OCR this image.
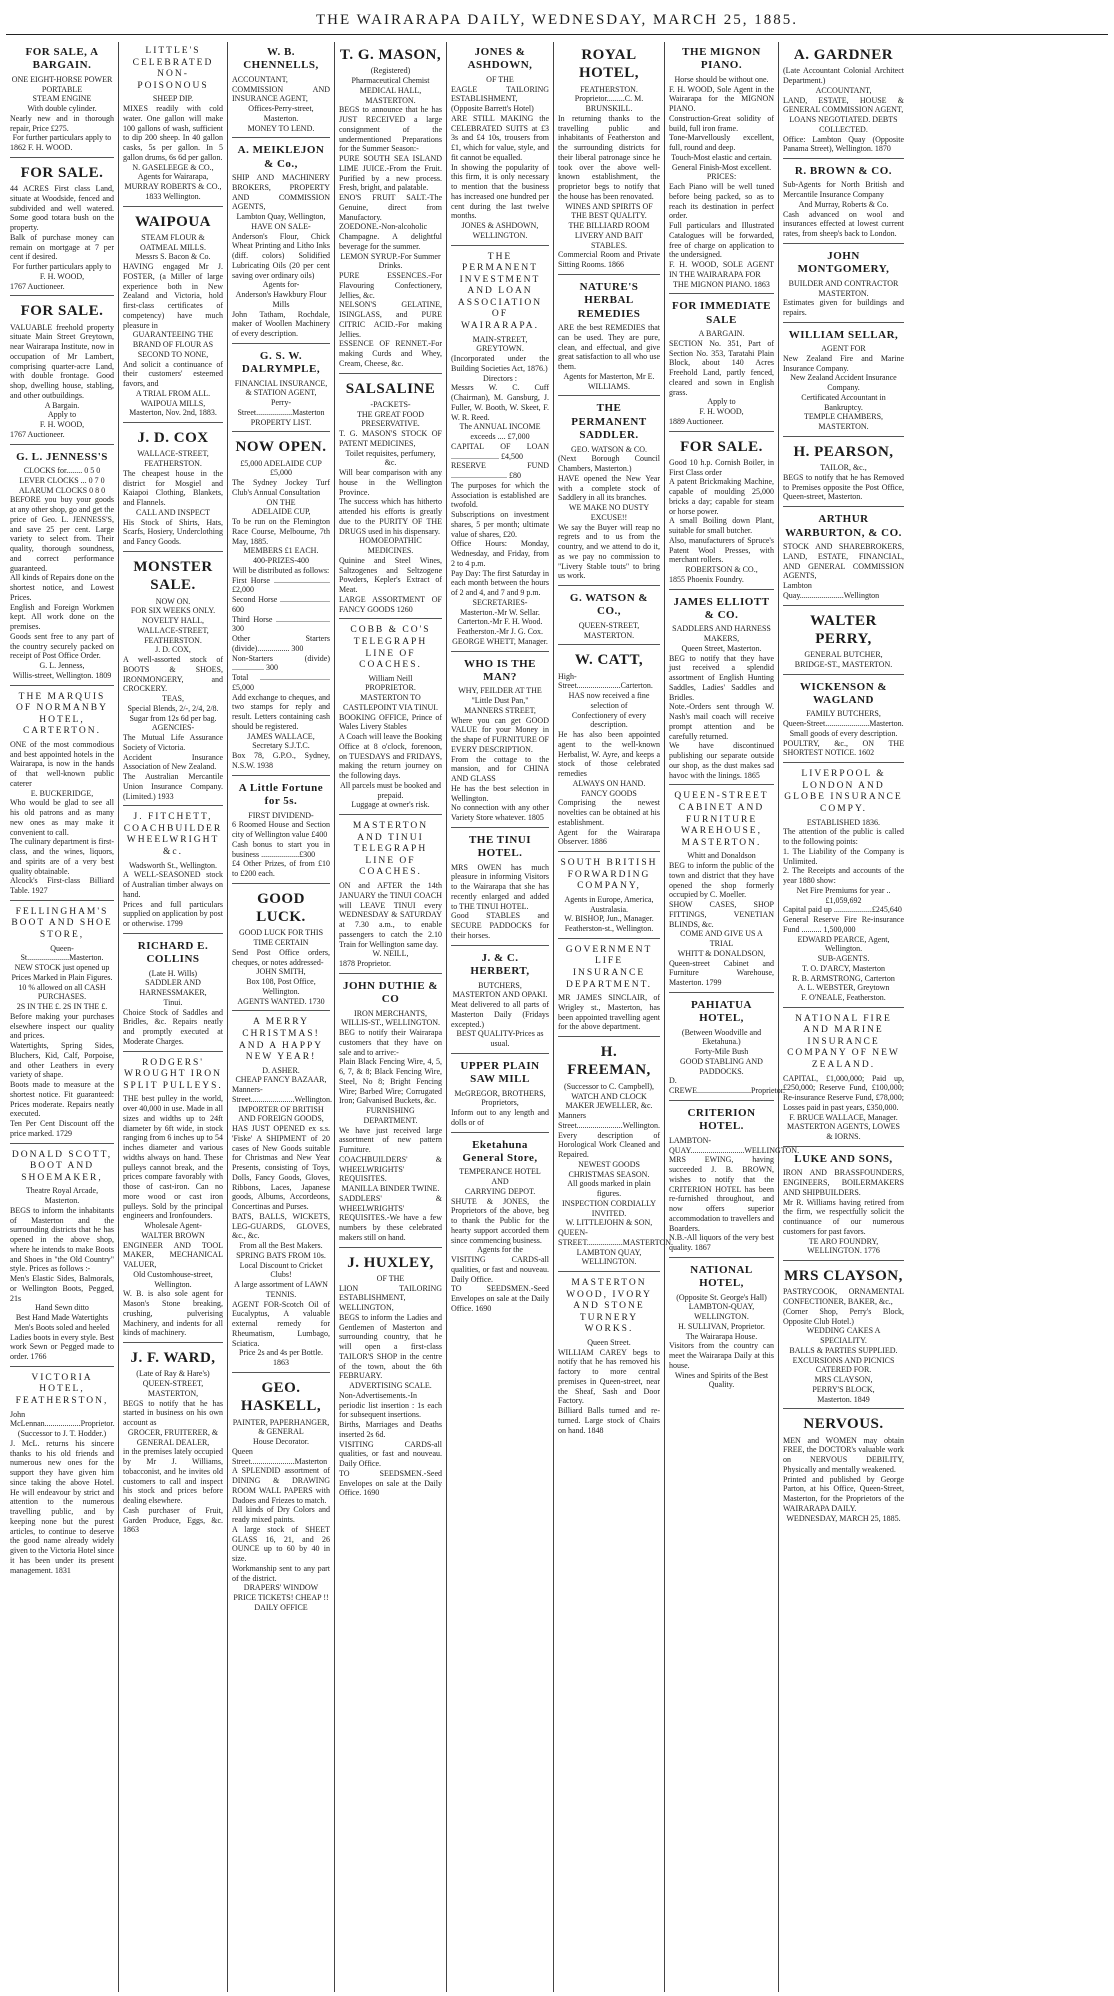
THE WAIRARAPA DAILY, WEDNESDAY, MARCH 25, 1885.
FOR SALE, A BARGAIN.
ONE EIGHT-HORSE POWER
PORTABLE
STEAM ENGINE
With double cylinder.
Nearly new and in thorough repair, Price £275.
For further particulars apply to
1862 F. H. WOOD.
FOR SALE.
44 ACRES First class Land, situate at Woodside, fenced and subdivided and well watered. Some good totara bush on the property.
Balk of purchase money can remain on mortgage at 7 per cent if desired.
For further particulars apply to
F. H. WOOD,
1767 Auctioneer.
FOR SALE.
VALUABLE freehold property situate Main Street Greytown, near Wairarapa Institute, now in occupation of Mr Lambert, comprising quarter-acre Land, with double frontage. Good shop, dwelling house, stabling, and other outbuildings.
A Bargain.
Apply to
F. H. WOOD,
1767 Auctioneer.
G. L. JENNESS'S
CLOCKS for........ 0 5 0
LEVER CLOCKS ... 0 7 0
ALARUM CLOCKS 0 8 0
BEFORE you buy your goods at any other shop, go and get the price of Geo. L. JENNESS'S, and save 25 per cent. Large variety to select from. Their quality, thorough soundness, and correct performance guaranteed.
All kinds of Repairs done on the shortest notice, and Lowest Prices.
English and Foreign Workmen kept. All work done on the premises.
Goods sent free to any part of the country securely packed on receipt of Post Office Order.
G. L. Jenness,
Willis-street, Wellington. 1809
THE MARQUIS OF NORMANBY HOTEL, CARTERTON.
ONE of the most commodious and best appointed hotels in the Wairarapa, is now in the hands of that well-known public caterer
E. BUCKERIDGE,
Who would be glad to see all his old patrons and as many new ones as may make it convenient to call.
The culinary department is first-class, and the wines, liquors, and spirits are of a very best quality obtainable.
Alcock's First-class Billiard Table. 1927
FELLINGHAM'S BOOT AND SHOE STORE,
Queen-St.....................Masterton.
NEW STOCK just opened up
Prices Marked in Plain Figures.
10 % allowed on all CASH PURCHASES.
2S IN THE £. 2S IN THE £.
Before making your purchases elsewhere inspect our quality and prices.
Watertights, Spring Sides, Bluchers, Kid, Calf, Porpoise, and other Leathers in every variety of shape.
Boots made to measure at the shortest notice. Fit guaranteed: Prices moderate. Repairs neatly executed.
Ten Per Cent Discount off the price marked. 1729
DONALD SCOTT, BOOT AND SHOEMAKER,
Theatre Royal Arcade,
Masterton.
BEGS to inform the inhabitants of Masterton and the surrounding districts that he has opened in the above shop, where he intends to make Boots and Shoes in "the Old Country" style. Prices as follows :-
Men's Elastic Sides, Balmorals, or Wellington Boots, Pegged, 21s
Hand Sewn ditto
Best Hand Made Watertights
Men's Boots soled and heeled
Ladies boots in every style. Best work Sewn or Pegged made to order. 1766
VICTORIA HOTEL, FEATHERSTON,
John McLennan..................Proprietor.
(Successor to J. T. Hodder.)
J. McL. returns his sincere thanks to his old friends and numerous new ones for the support they have given him since taking the above Hotel. He will endeavour by strict and attention to the numerous travelling public, and by keeping none but the purest articles, to continue to deserve the good name already widely given to the Victoria Hotel since it has been under its present management. 1831
LITTLE'S CELEBRATED NON-POISONOUS
SHEEP DIP.
MIXES readily with cold water. One gallon will make 100 gallons of wash, sufficient to dip 200 sheep. In 40 gallon casks, 5s per gallon. In 5 gallon drums, 6s 6d per gallon.
N. GASELEEGE & CO.,
Agents for Wairarapa,
MURRAY ROBERTS & CO.,
1833 Wellington.
WAIPOUA
STEAM FLOUR & OATMEAL MILLS.
Messrs S. Bacon & Co.
HAVING engaged Mr J. FOSTER, (a Miller of large experience both in New Zealand and Victoria, hold first-class certificates of competency) have much pleasure in
GUARANTEEING THE BRAND OF FLOUR AS
SECOND TO NONE,
And solicit a continuance of their customers' esteemed favors, and
A TRIAL FROM ALL.
WAIPOUA MILLS,
Masterton, Nov. 2nd, 1883.
J. D. COX
WALLACE-STREET,
FEATHERSTON.
The cheapest house in the district for Mosgiel and Kaiapoi Clothing, Blankets, and Flannels.
CALL AND INSPECT
His Stock of Shirts, Hats, Scarfs, Hosiery, Underclothing and Fancy Goods.
MONSTER SALE.
NOW ON.
FOR SIX WEEKS ONLY.
NOVELTY HALL,
WALLACE-STREET,
FEATHERSTON.
J. D. COX,
A well-assorted stock of BOOTS & SHOES, IRONMONGERY, and CROCKERY.
TEAS,
Special Blends, 2/-, 2/4, 2/8.
Sugar from 12s 6d per bag.
AGENCIES-
The Mutual Life Assurance Society of Victoria.
Accident Insurance Association of New Zealand.
The Australian Mercantile Union Insurance Company. (Limited.) 1933
J. FITCHETT, COACHBUILDER WHEELWRIGHT &c.
Wadsworth St., Wellington.
A WELL-SEASONED stock of Australian timber always on hand.
Prices and full particulars supplied on application by post or otherwise. 1799
RICHARD E. COLLINS
(Late H. Wills)
SADDLER AND HARNESSMAKER,
Tinui.
Choice Stock of Saddles and Bridles, &c. Repairs neatly and promptly executed at Moderate Charges.
RODGERS' WROUGHT IRON SPLIT PULLEYS.
THE best pulley in the world, over 40,000 in use. Made in all sizes and widths up to 24ft diameter by 6ft wide, in stock ranging from 6 inches up to 54 inches diameter and various widths always on hand. These pulleys cannot break, and the prices compare favorably with those of cast-iron. Can no more wood or cast iron pulleys. Sold by the principal engineers and Ironfounders.
Wholesale Agent-
WALTER BROWN
ENGINEER AND TOOL MAKER, MECHANICAL VALUER,
Old Customhouse-street, Wellington.
W. B. is also sole agent for Mason's Stone breaking, crushing, pulverising Machinery, and indents for all kinds of machinery.
J. F. WARD,
(Late of Ray & Hare's)
QUEEN-STREET, MASTERTON,
BEGS to notify that he has started in business on his own account as
GROCER, FRUITERER, & GENERAL DEALER,
in the premises lately occupied by Mr J. Williams, tobacconist, and he invites old customers to call and inspect his stock and prices before dealing elsewhere.
Cash purchaser of Fruit, Garden Produce, Eggs, &c. 1863
W. B. CHENNELLS,
ACCOUNTANT, COMMISSION AND INSURANCE AGENT,
Offices-Perry-street, Masterton.
MONEY TO LEND.
A. MEIKLEJON & Co.,
SHIP AND MACHINERY BROKERS, PROPERTY AND COMMISSION AGENTS,
Lambton Quay, Wellington,
HAVE ON SALE-
Anderson's Flour, Chick Wheat Printing and Litho Inks (diff. colors) Solidified Lubricating Oils (20 per cent saving over ordinary oils)
Agents for-
Anderson's Hawkbury Flour Mills
John Tatham, Rochdale, maker of Woollen Machinery of every description.
G. S. W. DALRYMPLE,
FINANCIAL INSURANCE, & STATION AGENT,
Perry-Street..................Masterton
PROPERTY LIST.
NOW OPEN.
£5,000 ADELAIDE CUP £5,000
The Sydney Jockey Turf Club's Annual Consultation
ON THE
ADELAIDE CUP,
To be run on the Flemington Race Course, Melbourne, 7th May, 1885.
MEMBERS £1 EACH.
400-PRIZES-400
Will be distributed as follows:
First Horse ............................ £2,000
Second Horse ......................... 600
Third Horse ........................... 300
Other Starters (divide)................ 300
Non-Starters (divide) ................ 300
Total ................................... £5,000
Add exchange to cheques, and two stamps for reply and result. Letters containing cash should be registered.
JAMES WALLACE, Secretary S.J.T.C.
Box 78, G.P.O., Sydney, N.S.W. 1938
A Little Fortune for 5s.
FIRST DIVIDEND-
6 Roomed House and Section city of Wellington value £400
Cash bonus to start you in business ...................£300
£4 Other Prizes, of from £10 to £200 each.
GOOD LUCK.
GOOD LUCK FOR THIS TIME CERTAIN
Send Post Office orders, cheques, or notes addressed-
JOHN SMITH,
Box 108, Post Office, Wellington.
AGENTS WANTED. 1730
A MERRY CHRISTMAS! AND A HAPPY NEW YEAR!
D. ASHER.
CHEAP FANCY BAZAAR,
Manners-Street......................Wellington.
IMPORTER OF BRITISH AND FOREIGN GOODS,
HAS JUST OPENED ex s.s. 'Fiske' A SHIPMENT of 20 cases of New Goods suitable for Christmas and New Year Presents, consisting of Toys, Dolls, Fancy Goods, Gloves, Ribbons, Laces, Japanese goods, Albums, Accordeons, Concertinas and Purses.
BATS, BALLS, WICKETS, LEG-GUARDS, GLOVES, &c., &c.
From all the Best Makers.
SPRING BATS FROM 10s.
Local Discount to Cricket Clubs!
A large assortment of LAWN TENNIS.
AGENT FOR-Scotch Oil of Eucalyptus, A valuable external remedy for Rheumatism, Lumbago, Sciatica.
Price 2s and 4s per Bottle. 1863
GEO. HASKELL,
PAINTER, PAPERHANGER, & GENERAL
House Decorator.
Queen Street......................Masterton
A SPLENDID assortment of DINING & DRAWING ROOM WALL PAPERS with Dadoes and Friezes to match.
All kinds of Dry Colors and ready mixed paints.
A large stock of SHEET GLASS 16, 21, and 26 OUNCE up to 60 by 40 in size.
Workmanship sent to any part of the district.
DRAPERS' WINDOW PRICE TICKETS! CHEAP !!
DAILY OFFICE
T. G. MASON,
(Registered)
Pharmaceutical Chemist
MEDICAL HALL, MASTERTON.
BEGS to announce that he has JUST RECEIVED a large consignment of the undermentioned Preparations for the Summer Season:-
PURE SOUTH SEA ISLAND LIME JUICE.-From the Fruit. Purified by a new process. Fresh, bright, and palatable.
ENO'S FRUIT SALT.-The Genuine, direct from Manufactory.
ZOEDONE.-Non-alcoholic Champagne. A delightful beverage for the summer.
LEMON SYRUP.-For Summer Drinks.
PURE ESSENCES.-For Flavouring Confectionery, Jellies, &c.
NELSON'S GELATINE, ISINGLASS, and PURE CITRIC ACID.-For making Jellies.
ESSENCE OF RENNET.-For making Curds and Whey, Cream, Cheese, &c.
SALSALINE
-PACKETS-
THE GREAT FOOD PRESERVATIVE.
T. G. MASON'S STOCK OF PATENT MEDICINES,
Toilet requisites, perfumery, &c.
Will bear comparison with any house in the Wellington Province.
The success which has hitherto attended his efforts is greatly due to the PURITY OF THE DRUGS used in his dispensary.
HOMOEOPATHIC MEDICINES.
Quinine and Steel Wines, Saltzogenes and Seltzogene Powders, Kepler's Extract of Meat.
LARGE ASSORTMENT OF FANCY GOODS 1260
COBB & CO'S TELEGRAPH LINE OF COACHES.
William Neill
PROPRIETOR.
MASTERTON TO CASTLEPOINT VIA TINUI.
BOOKING OFFICE, Prince of Wales Livery Stables
A Coach will leave the Booking Office at 8 o'clock, forenoon, on TUESDAYS and FRIDAYS, making the return journey on the following days.
All parcels must be booked and prepaid.
Luggage at owner's risk.
MASTERTON AND TINUI TELEGRAPH LINE OF COACHES.
ON and AFTER the 14th JANUARY the TINUI COACH will LEAVE TINUI every WEDNESDAY & SATURDAY at 7.30 a.m., to enable passengers to catch the 2.10 Train for Wellington same day.
W. NEILL,
1878 Proprietor.
JOHN DUTHIE & CO
IRON MERCHANTS,
WILLIS-ST., WELLINGTON.
BEG to notify their Wairarapa customers that they have on sale and to arrive:-
Plain Black Fencing Wire, 4, 5, 6, 7, & 8; Black Fencing Wire, Steel, No 8; Bright Fencing Wire; Barbed Wire; Corrugated Iron; Galvanised Buckets, &c.
FURNISHING DEPARTMENT.
We have just received large assortment of new pattern Furniture.
COACHBUILDERS' & WHEELWRIGHTS' REQUISITES.
MANILLA BINDER TWINE.
SADDLERS' & WHEELWRIGHTS' REQUISITES.-We have a few numbers by these celebrated makers still on hand.
J. HUXLEY,
OF THE
LION TAILORING ESTABLISHMENT, WELLINGTON,
BEGS to inform the Ladies and Gentlemen of Masterton and surrounding country, that he will open a first-class TAILOR'S SHOP in the centre of the town, about the 6th FEBRUARY.
ADVERTISING SCALE.
Non-Advertisements.-In periodic list insertion : 1s each for subsequent insertions.
Births, Marriages and Deaths inserted 2s 6d.
VISITING CARDS-all qualities, or fast and nouveau. Daily Office.
TO SEEDSMEN.-Seed Envelopes on sale at the Daily Office. 1690
JONES & ASHDOWN,
OF THE
EAGLE TAILORING ESTABLISHMENT, (Opposite Barrett's Hotel)
ARE STILL MAKING the CELEBRATED SUITS at £3 3s and £4 10s, trousers from £1, which for value, style, and fit cannot be equalled.
In showing the popularity of this firm, it is only necessary to mention that the business has increased one hundred per cent during the last twelve months.
JONES & ASHDOWN, WELLINGTON.
THE PERMANENT INVESTMENT AND LOAN ASSOCIATION OF WAIRARAPA.
MAIN-STREET, GREYTOWN.
(Incorporated under the Building Societies Act, 1876.)
Directors :
Messrs W. C. Cuff (Chairman), M. Gansburg, J. Fuller, W. Booth, W. Skeet, F. W. R. Reed.
The ANNUAL INCOME exceeds .... £7,000
CAPITAL OF LOAN ........................ £4,500
RESERVE FUND ............................ £80
The purposes for which the Association is established are twofold.
Subscriptions on investment shares, 5 per month; ultimate value of shares, £20.
Office Hours: Monday, Wednesday, and Friday, from 2 to 4 p.m.
Pay Day: The first Saturday in each month between the hours of 2 and 4, and 7 and 9 p.m.
SECRETARIES-
Masterton.-Mr W. Sellar.
Carterton.-Mr F. H. Wood.
Featherston.-Mr J. G. Cox.
GEORGE WHETT, Manager.
WHO IS THE MAN?
WHY, FEILDER AT THE
"Little Dust Pan,"
MANNERS STREET,
Where you can get GOOD VALUE for your Money in the shape of FURNITURE OF EVERY DESCRIPTION.
From the cottage to the mansion, and for CHINA AND GLASS
He has the best selection in Wellington.
No connection with any other Variety Store whatever. 1805
THE TINUI HOTEL.
MRS OWEN has much pleasure in informing Visitors to the Wairarapa that she has recently enlarged and added to THE TINUI HOTEL.
Good STABLES and SECURE PADDOCKS for their horses.
J. & C. HERBERT,
BUTCHERS,
MASTERTON AND OPAKI.
Meat delivered to all parts of Masterton Daily (Fridays excepted.)
BEST QUALITY-Prices as usual.
UPPER PLAIN SAW MILL
McGREGOR, BROTHERS,
Proprietors,
Inform out to any length and dolls or of
Eketahuna General Store,
TEMPERANCE HOTEL
AND
CARRYING DEPOT.
SHUTE & JONES, the Proprietors of the above, beg to thank the Public for the hearty support accorded them since commencing business.
Agents for the
VISITING CARDS-all qualities, or fast and nouveau. Daily Office.
TO SEEDSMEN.-Seed Envelopes on sale at the Daily Office. 1690
ROYAL HOTEL,
FEATHERSTON.
Proprietor.........C. M. BRUNSKILL.
In returning thanks to the travelling public and inhabitants of Featherston and the surrounding districts for their liberal patronage since he took over the above well-known establishment, the proprietor begs to notify that the house has been renovated.
WINES AND SPIRITS OF THE BEST QUALITY.
THE BILLIARD ROOM
LIVERY AND BAIT STABLES.
Commercial Room and Private Sitting Rooms. 1866
NATURE'S HERBAL REMEDIES
ARE the best REMEDIES that can be used. They are pure, clean, and effectual, and give great satisfaction to all who use them.
Agents for Masterton, Mr E. WILLIAMS.
THE PERMANENT SADDLER.
GEO. WATSON & CO.
(Next Borough Council Chambers, Masterton.)
HAVE opened the New Year with a complete stock of Saddlery in all its branches.
WE MAKE NO DUSTY EXCUSE!!
We say the Buyer will reap no regrets and to us from the country, and we attend to do it, as we pay no commission to "Livery Stable touts" to bring us work.
G. WATSON & CO.,
QUEEN-STREET,
MASTERTON.
W. CATT,
High-Street......................Carterton.
HAS now received a fine selection of
Confectionery of every description.
He has also been appointed agent to the well-known Herbalist, W. Ayre, and keeps a stock of those celebrated remedies
ALWAYS ON HAND.
FANCY GOODS
Comprising the newest novelties can be obtained at his establishment.
Agent for the Wairarapa Observer. 1886
SOUTH BRITISH FORWARDING COMPANY,
Agents in Europe, America, Australasia.
W. BISHOP, Jun., Manager.
Featherston-st., Wellington.
GOVERNMENT LIFE INSURANCE DEPARTMENT.
MR JAMES SINCLAIR, of Wrigley st., Masterton, has been appointed travelling agent for the above department.
H. FREEMAN,
(Successor to C. Campbell),
WATCH AND CLOCK MAKER JEWELLER, &c.
Manners Street.......................Wellington.
Every description of Horological Work Cleaned and Repaired.
NEWEST GOODS
CHRISTMAS SEASON.
All goods marked in plain figures.
INSPECTION CORDIALLY INVITED.
W. LITTLEJOHN & SON,
QUEEN-STREET..................MASTERTON.
LAMBTON QUAY, WELLINGTON.
MASTERTON WOOD, IVORY AND STONE TURNERY WORKS.
Queen Street.
WILLIAM CAREY begs to notify that he has removed his factory to more central premises in Queen-street, near the Sheaf, Sash and Door Factory.
Billiard Balls turned and re-turned. Large stock of Chairs on hand. 1848
THE MIGNON PIANO.
Horse should be without one.
F. H. WOOD, Sole Agent in the Wairarapa for the MIGNON PIANO.
Construction-Great solidity of build, full iron frame.
Tone-Marvellously excellent, full, round and deep.
Touch-Most elastic and certain.
General Finish-Most excellent.
PRICES:
Each Piano will be well tuned before being packed, so as to reach its destination in perfect order.
Full particulars and Illustrated Catalogues will be forwarded, free of charge on application to the undersigned.
F. H. WOOD, SOLE AGENT IN THE WAIRARAPA FOR
THE MIGNON PIANO. 1863
FOR IMMEDIATE SALE
A BARGAIN.
SECTION No. 351, Part of Section No. 353, Taratahi Plain Block, about 140 Acres Freehold Land, partly fenced, cleared and sown in English grass.
Apply to
F. H. WOOD,
1889 Auctioneer.
FOR SALE.
Good 10 h.p. Cornish Boiler, in First Class order
A patent Brickmaking Machine, capable of moulding 25,000 bricks a day; capable for steam or horse power.
A small Boiling down Plant, suitable for small butcher.
Also, manufacturers of Spruce's Patent Wool Presses, with merchant rollers.
ROBERTSON & CO.,
1855 Phoenix Foundry.
JAMES ELLIOTT & CO.
SADDLERS AND HARNESS MAKERS,
Queen Street, Masterton.
BEG to notify that they have just received a splendid assortment of English Hunting Saddles, Ladies' Saddles and Bridles.
Note.-Orders sent through W. Nash's mail coach will receive prompt attention and be carefully returned.
We have discontinued publishing our separate outside our shop, as the dust makes sad havoc with the linings. 1865
QUEEN-STREET CABINET AND FURNITURE WAREHOUSE, MASTERTON.
Whitt and Donaldson
BEG to inform the public of the town and district that they have opened the shop formerly occupied by C. Moeller.
SHOW CASES, SHOP FITTINGS, VENETIAN BLINDS, &c.
COME AND GIVE US A TRIAL
WHITT & DONALDSON,
Queen-street Cabinet and Furniture Warehouse, Masterton. 1799
PAHIATUA HOTEL,
(Between Woodville and Eketahuna.)
Forty-Mile Bush
GOOD STABLING AND PADDOCKS.
D. CREWE...........................Proprietor.
CRITERION HOTEL.
LAMBTON-QUAY...........................WELLINGTON.
MRS EWING, having succeeded J. B. BROWN, wishes to notify that the CRITERION HOTEL has been re-furnished throughout, and now offers superior accommodation to travellers and Boarders.
N.B.-All liquors of the very best quality. 1867
NATIONAL HOTEL,
(Opposite St. George's Hall)
LAMBTON-QUAY, WELLINGTON.
H. SULLIVAN, Proprietor.
The Wairarapa House.
Visitors from the country can meet the Wairarapa Daily at this house.
Wines and Spirits of the Best Quality.
A. GARDNER
(Late Accountant Colonial Architect Department.)
ACCOUNTANT,
LAND, ESTATE, HOUSE & GENERAL COMMISSION AGENT,
LOANS NEGOTIATED. DEBTS COLLECTED.
Office: Lambton Quay (Opposite Panama Street), Wellington. 1870
R. BROWN & CO.
Sub-Agents for North British and Mercantile Insurance Company
And Murray, Roberts & Co.
Cash advanced on wool and insurances effected at lowest current rates, from sheep's back to London.
JOHN MONTGOMERY,
BUILDER AND CONTRACTOR
MASTERTON.
Estimates given for buildings and repairs.
WILLIAM SELLAR,
AGENT FOR
New Zealand Fire and Marine Insurance Company.
New Zealand Accident Insurance Company.
Certificated Accountant in Bankruptcy.
TEMPLE CHAMBERS, MASTERTON.
H. PEARSON,
TAILOR, &c.,
BEGS to notify that he has Removed to Premises opposite the Post Office, Queen-street, Masterton.
ARTHUR WARBURTON, & CO.
STOCK AND SHAREBROKERS, LAND, ESTATE, FINANCIAL, AND GENERAL COMMISSION AGENTS,
Lambton Quay......................Wellington
WALTER PERRY,
GENERAL BUTCHER,
BRIDGE-ST., MASTERTON.
WICKENSON & WAGLAND
FAMILY BUTCHERS,
Queen-Street......................Masterton.
Small goods of every description.
POULTRY, &c., ON THE SHORTEST NOTICE. 1602
LIVERPOOL & LONDON AND GLOBE INSURANCE COMPY.
ESTABLISHED 1836.
The attention of the public is called to the following points:
1. The Liability of the Company is Unlimited.
2. The Receipts and accounts of the year 1880 show:
Net Fire Premiums for year ..£1,059,692
Capital paid up ...................£245,640
General Reserve Fire Re-insurance Fund .......... 1,500,000
EDWARD PEARCE, Agent, Wellington.
SUB-AGENTS.
T. O. D'ARCY, Masterton
R. B. ARMSTRONG, Carterton
A. L. WEBSTER, Greytown
F. O'NEALE, Featherston.
NATIONAL FIRE AND MARINE INSURANCE COMPANY OF NEW ZEALAND.
CAPITAL, £1,000,000; Paid up, £250,000; Reserve Fund, £100,000; Re-insurance Reserve Fund, £78,000; Losses paid in past years, £350,000.
F. BRUCE WALLACE, Manager.
MASTERTON AGENTS, LOWES & IORNS.
LUKE AND SONS,
IRON AND BRASSFOUNDERS, ENGINEERS, BOILERMAKERS AND SHIPBUILDERS.
Mr R. Williams having retired from the firm, we respectfully solicit the continuance of our numerous customers for past favors.
TE ARO FOUNDRY, WELLINGTON. 1776
MRS CLAYSON,
PASTRYCOOK, ORNAMENTAL CONFECTIONER, BAKER, &c.,
(Corner Shop, Perry's Block, Opposite Club Hotel.)
WEDDING CAKES A SPECIALITY.
BALLS & PARTIES SUPPLIED.
EXCURSIONS AND PICNICS CATERED FOR.
MRS CLAYSON,
PERRY'S BLOCK,
Masterton. 1849
NERVOUS.
MEN and WOMEN may obtain FREE, the DOCTOR's valuable work on NERVOUS DEBILITY, Physically and mentally weakened.
Printed and published by George Parton, at his Office, Queen-Street, Masterton, for the Proprietors of the WAIRARAPA DAILY.
WEDNESDAY, MARCH 25, 1885.
